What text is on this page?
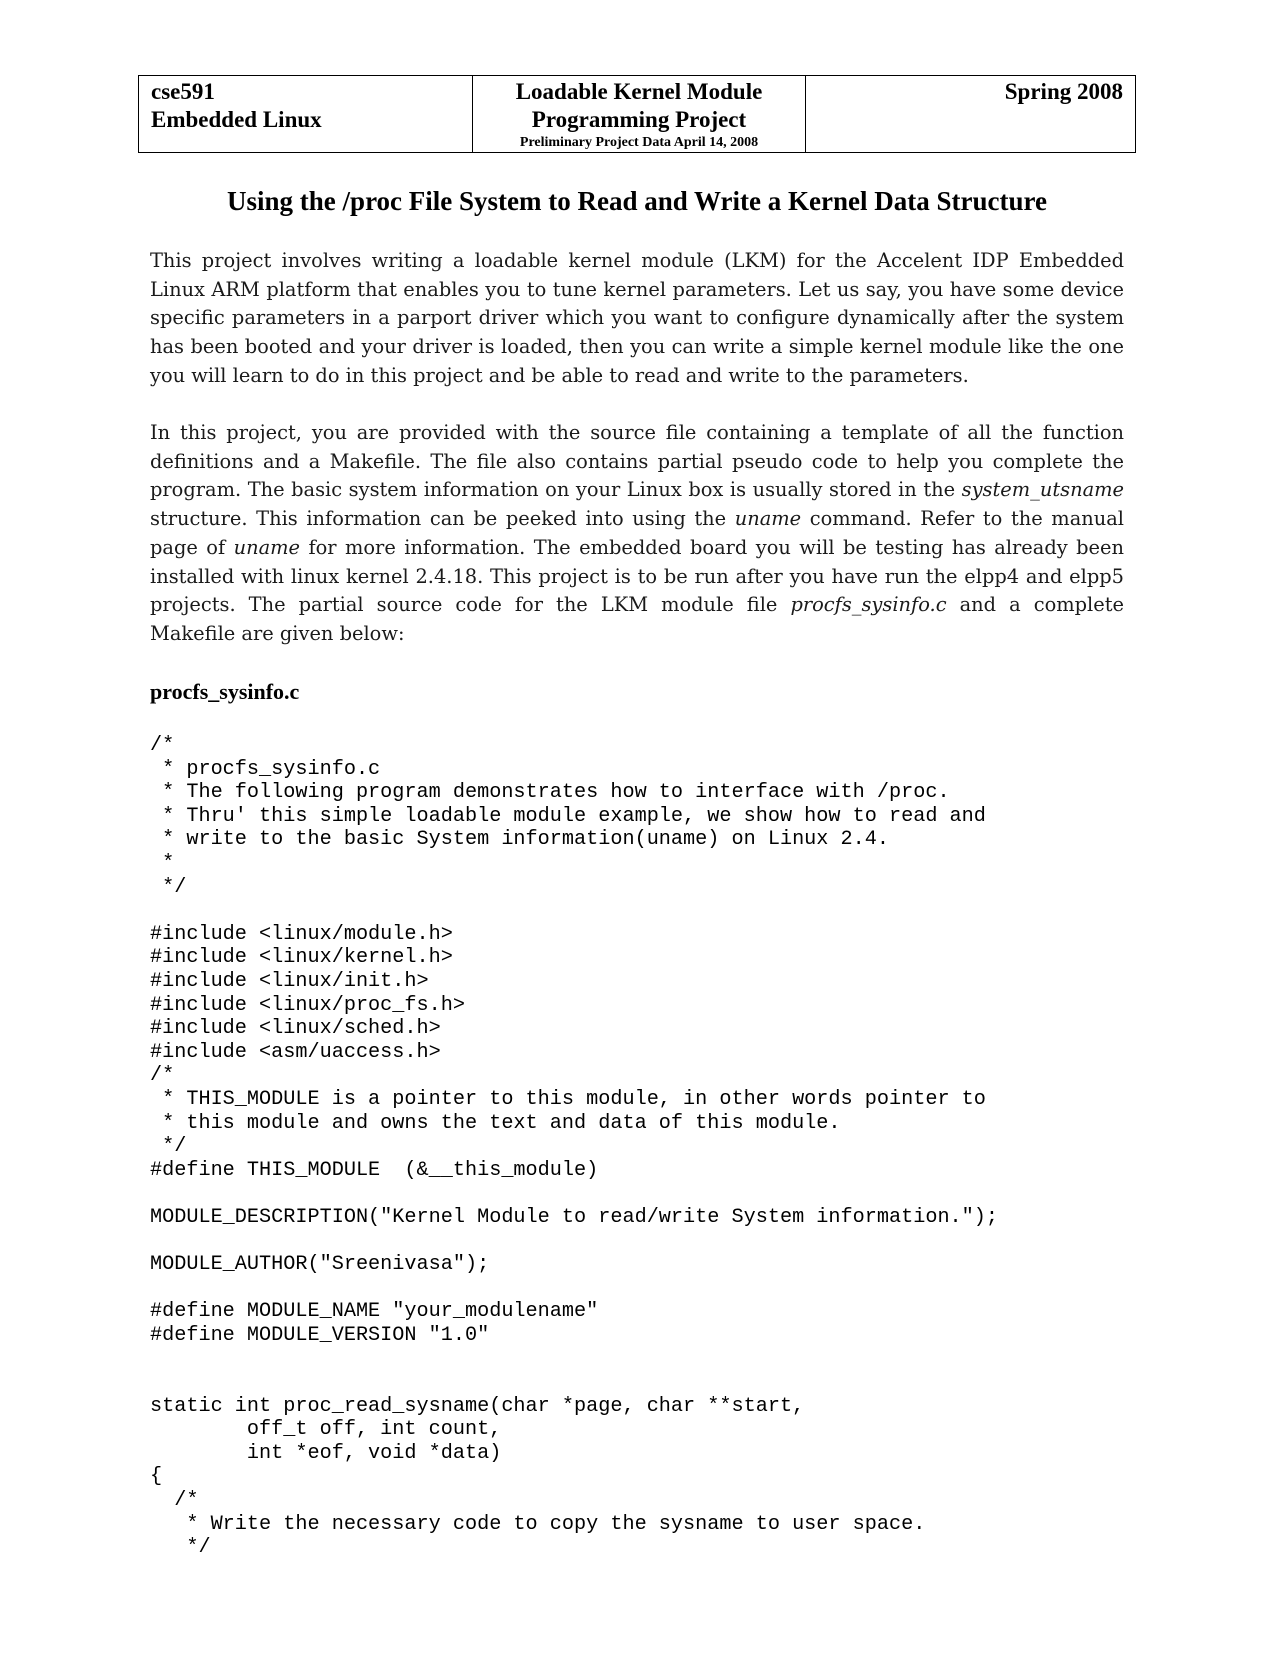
cse591
Embedded Linux
Loadable Kernel Module
Programming Project
Preliminary Project Data April 14, 2008
Spring 2008
Using the /proc File System to Read and Write a Kernel Data Structure

This project involves writing a loadable kernel module (LKM) for the Accelent IDP Embedded Linux ARM platform that enables you to tune kernel parameters. Let us say, you have some device specific parameters in a parport driver which you want to configure dynamically after the system has been booted and your driver is loaded, then you can write a simple kernel module like the one you will learn to do in this project and be able to read and write to the parameters.

In this project, you are provided with the source file containing a template of all the function definitions and a Makefile. The file also contains partial pseudo code to help you complete the program. The basic system information on your Linux box is usually stored in the system_utsname structure. This information can be peeked into using the uname command. Refer to the manual page of uname for more information. The embedded board you will be testing has already been installed with linux kernel 2.4.18. This project is to be run after you have run the elpp4 and elpp5 projects. The partial source code for the LKM module file procfs_sysinfo.c and a complete Makefile are given below:

procfs_sysinfo.c

/*
* procfs_sysinfo.c
* The following program demonstrates how to interface with /proc.
* Thru' this simple loadable module example, we show how to read and
* write to the basic System information(uname) on Linux 2.4.
*
*/

#include <linux/module.h>
#include <linux/kernel.h>
#include <linux/init.h>
#include <linux/proc_fs.h>
#include <linux/sched.h>
#include <asm/uaccess.h>
/*
* THIS_MODULE is a pointer to this module, in other words pointer to
* this module and owns the text and data of this module.
*/
#define THIS_MODULE  (&__this_module)

MODULE_DESCRIPTION("Kernel Module to read/write System information.");

MODULE_AUTHOR("Sreenivasa");

#define MODULE_NAME "your_modulename"
#define MODULE_VERSION "1.0"

static int proc_read_sysname(char *page, char **start,
off_t off, int count,
int *eof, void *data)
{
/*
* Write the necessary code to copy the sysname to user space.
*/
